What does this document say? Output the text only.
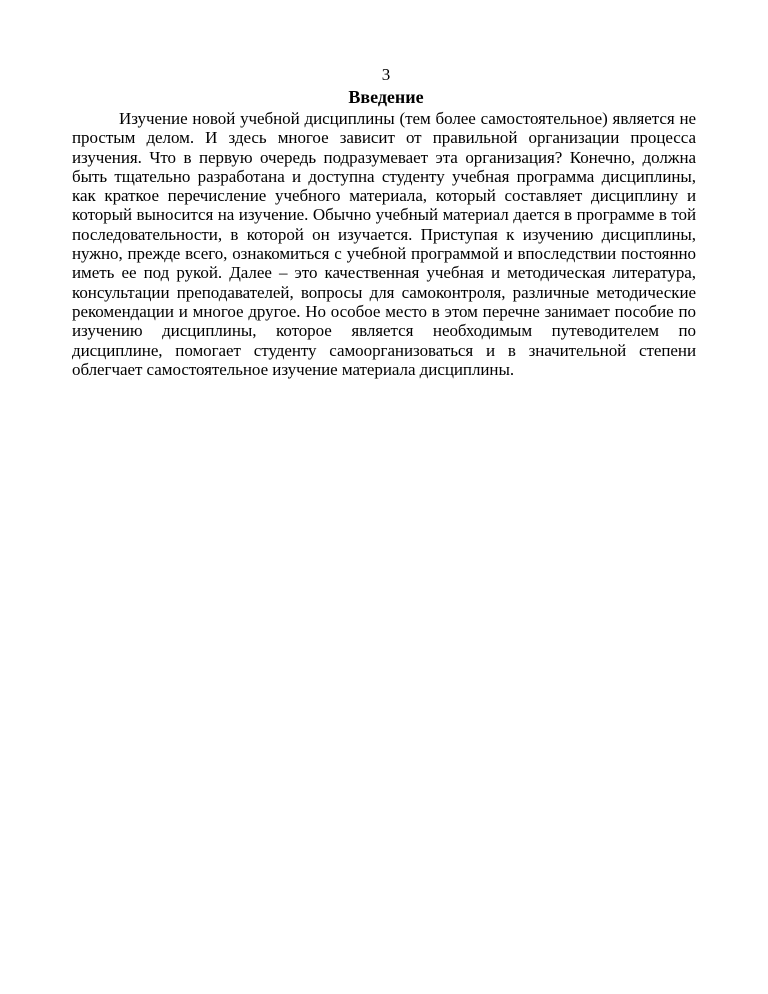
3

Введение

Изучение новой учебной дисциплины (тем более самостоятельное) является не простым делом. И здесь многое зависит от правильной организации процесса изучения. Что в первую очередь подразумевает эта организация? Конечно, должна быть тщательно разработана и доступна студенту учебная программа дисциплины, как краткое перечисление учебного материала, который составляет дисциплину и который выносится на изучение. Обычно учебный материал дается в программе в той последовательности, в которой он изучается. Приступая к изучению дисциплины, нужно, прежде всего, ознакомиться с учебной программой и впоследствии постоянно иметь ее под рукой. Далее – это качественная учебная и методическая литература, консультации преподавателей, вопросы для самоконтроля, различные методические рекомендации и многое другое. Но особое место в этом перечне занимает пособие по изучению дисциплины, которое является необходимым путеводителем по дисциплине, помогает студенту самоорганизоваться и в значительной степени облегчает самостоятельное изучение материала дисциплины.
